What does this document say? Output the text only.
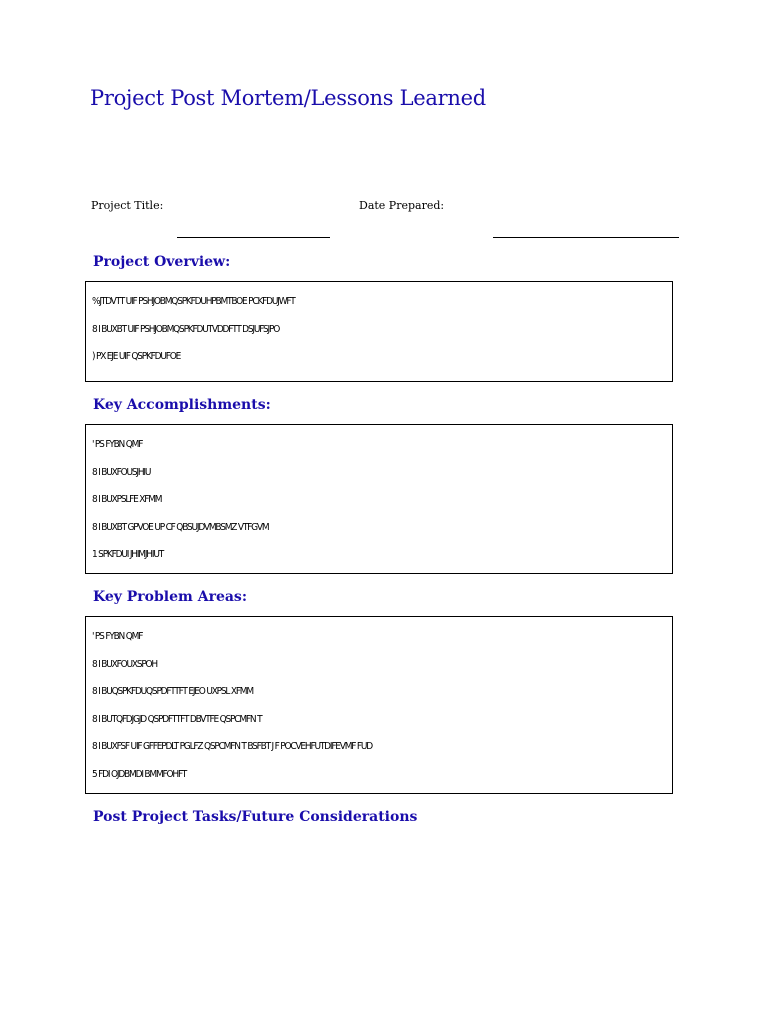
Project Post Mortem/Lessons Learned
Project Title:	Date Prepared:
Project Overview:
%JTDVTT UIF PSHJOBMQSPKFDUHPBMTBOE PCKFDUJWFT
8 I BUXBT UIF PSHJOBMQSPKFDUTVDDFTT DSJUFSJPO
) PX EJE UIF QSPKFDUFOE
Key Accomplishments:
' PS FYBN QMF
8 I BUXFOUSJHIU
8 I BUXPSLFE XFMM
8 I BUXBT GPVOE UP CF QBSUJDVMBSMZ VTFGVM
1 SPKFDUI JHIMJHIUT
Key Problem Areas:
' PS FYBN QMF
8 I BUXFOUXSPOH
8 I BUQSPKFDUQSPDFTTFT EJEO UXPSL XFMM
8 I BUTQFDJGJD QSPDFTTFT DBVTFE QSPCMFN T
8 I BUXFSF UIF GFFEPDLT PGLFZ QSPCMFN T BSFBT J F POCVEHFUTDIFEVMF FUD
5 FDI OJDBMDI BMMFOHFT
Post Project Tasks/Future Considerations
